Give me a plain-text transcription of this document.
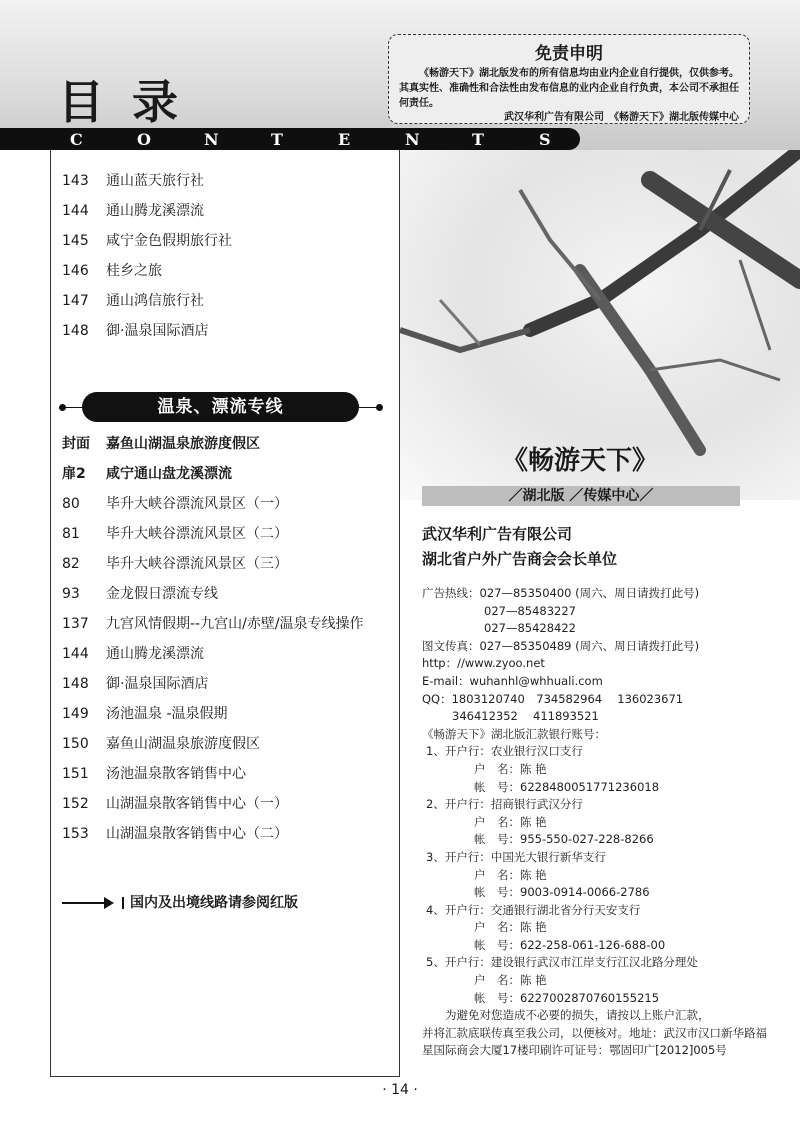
目 录
C	O	N	T	E	N	T	S
免责申明
《畅游天下》湖北版发布的所有信息均由业内企业自行提供，仅供参考。其真实性、准确性和合法性由发布信息的业内企业自行负责，本公司不承担任何责任。
武汉华利广告有限公司　《畅游天下》湖北版传媒中心
143 通山蓝天旅行社
144 通山腾龙溪漂流
145 咸宁金色假期旅行社
146 桂乡之旅
147 通山鸿信旅行社
148 御·温泉国际酒店
温泉、漂流专线
封面 嘉鱼山湖温泉旅游度假区
扉2 咸宁通山盘龙溪漂流
80 毕升大峡谷漂流风景区（一）
81 毕升大峡谷漂流风景区（二）
82 毕升大峡谷漂流风景区（三）
93 金龙假日漂流专线
137 九宫风情假期--九宫山/赤壁/温泉专线操作
144 通山腾龙溪漂流
148 御·温泉国际酒店
149 汤池温泉 -温泉假期
150 嘉鱼山湖温泉旅游度假区
151 汤池温泉散客销售中心
152 山湖温泉散客销售中心（一）
153 山湖温泉散客销售中心（二）
国内及出境线路请参阅红版
《畅游天下》
／湖北版 ／传媒中心／
武汉华利广告有限公司
湖北省户外广告商会会长单位
广告热线：027—85350400 (周六、周日请拨打此号)
027—85483227
027—85428422
图文传真：027—85350489 (周六、周日请拨打此号)
http：//www.zyoo.net
E-mail：wuhanhl@whhuali.com
QQ：1803120740　734582964　 136023671
346412352　 411893521
《畅游天下》湖北版汇款银行账号：
1、开户行：农业银行汉口支行
户　名：陈 艳
帐　号：6228480051771236018
2、开户行：招商银行武汉分行
户　名：陈 艳
帐　号：955-550-027-228-8266
3、开户行：中国光大银行新华支行
户　名：陈 艳
帐　号：9003-0914-0066-2786
4、开户行：交通银行湖北省分行天安支行
户　名：陈 艳
帐　号：622-258-061-126-688-00
5、开户行：建设银行武汉市江岸支行江汉北路分理处
户　名：陈 艳
帐　号：6227002870760155215
为避免对您造成不必要的损失，请按以上账户汇款，
并将汇款底联传真至我公司，以便核对。地址：武汉市汉口新华路福星国际商会大厦17楼印刷许可证号：鄂固印广[2012]005号
· 14 ·
